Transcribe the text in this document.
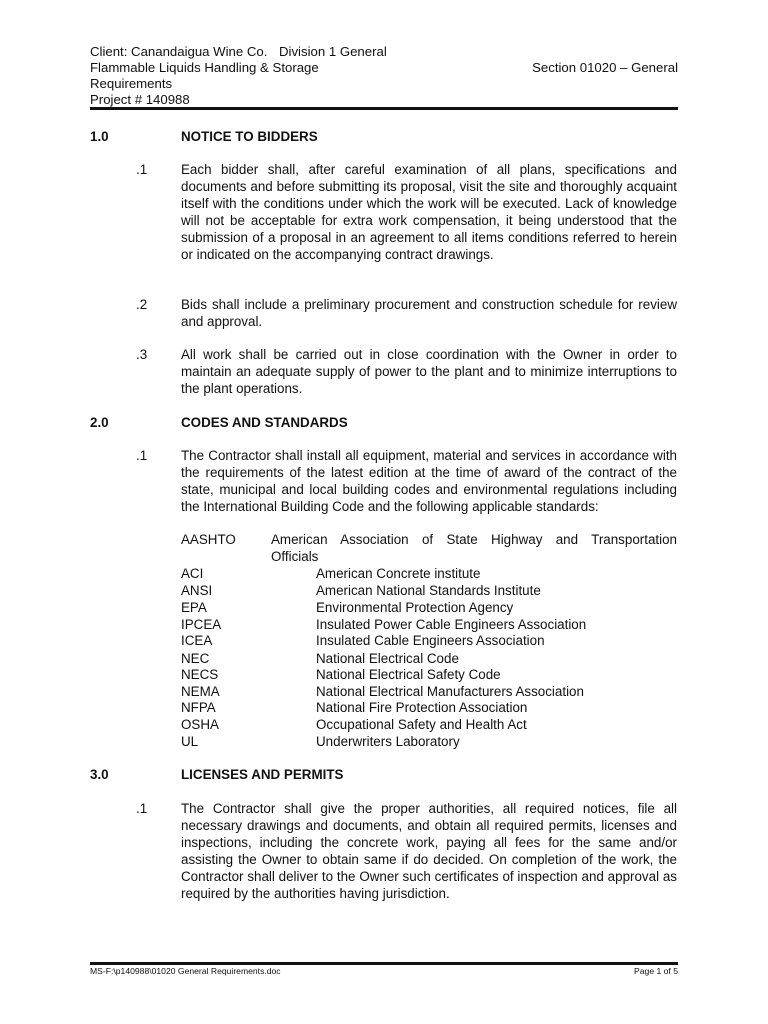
Client: Canandaigua Wine Co. Division 1 General
Flammable Liquids Handling & Storage	Section 01020 – General
Requirements
Project # 140988
1.0	NOTICE TO BIDDERS
.1	Each bidder shall, after careful examination of all plans, specifications and documents and before submitting its proposal, visit the site and thoroughly acquaint itself with the conditions under which the work will be executed. Lack of knowledge will not be acceptable for extra work compensation, it being understood that the submission of a proposal in an agreement to all items conditions referred to herein or indicated on the accompanying contract drawings.

.2	Bids shall include a preliminary procurement and construction schedule for review and approval.

.3	All work shall be carried out in close coordination with the Owner in order to maintain an adequate supply of power to the plant and to minimize interruptions to the plant operations.

2.0	CODES AND STANDARDS
.1	The Contractor shall install all equipment, material and services in accordance with the requirements of the latest edition at the time of award of the contract of the state, municipal and local building codes and environmental regulations including the International Building Code and the following applicable standards:

AASHTO	American Association of State Highway and Transportation
Officials
ACI	American Concrete institute
ANSI	American National Standards Institute
EPA	Environmental Protection Agency
IPCEA	Insulated Power Cable Engineers Association
ICEA	Insulated Cable Engineers Association
NEC	National Electrical Code
NECS	National Electrical Safety Code
NEMA	National Electrical Manufacturers Association
NFPA	National Fire Protection Association
OSHA	Occupational Safety and Health Act
UL	Underwriters Laboratory
3.0	LICENSES AND PERMITS
.1	The Contractor shall give the proper authorities, all required notices, file all necessary drawings and documents, and obtain all required permits, licenses and inspections, including the concrete work, paying all fees for the same and/or assisting the Owner to obtain same if do decided. On completion of the work, the Contractor shall deliver to the Owner such certificates of inspection and approval as required by the authorities having jurisdiction.

MS-F:\p140988\01020 General Requirements.doc	Page 1 of 5
